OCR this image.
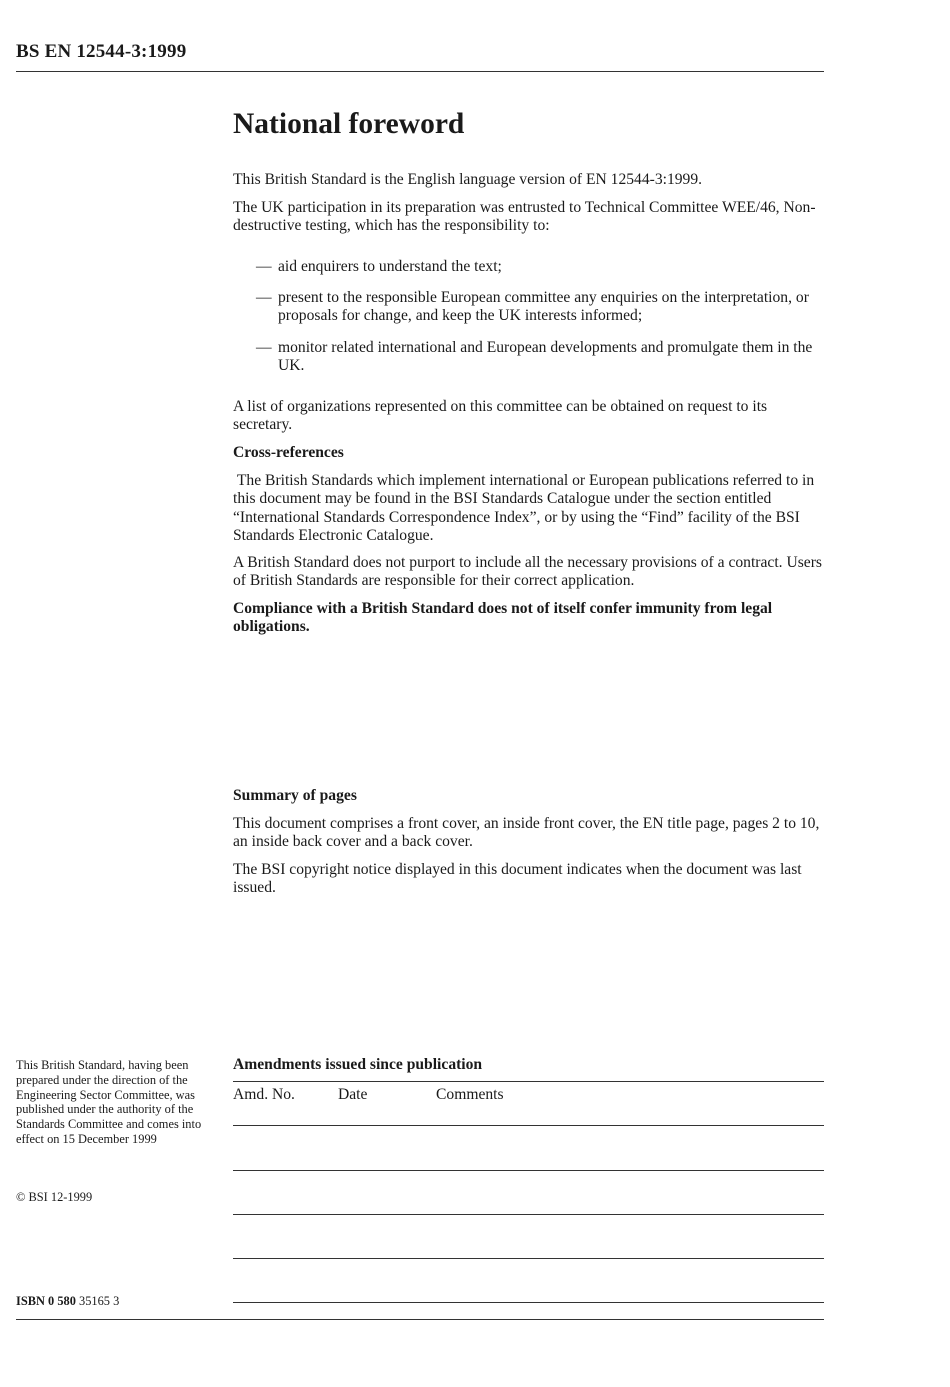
BS EN 12544-3:1999
National foreword
This British Standard is the English language version of EN 12544-3:1999.
The UK participation in its preparation was entrusted to Technical Committee WEE/46, Non-destructive testing, which has the responsibility to:
— aid enquirers to understand the text;
— present to the responsible European committee any enquiries on the interpretation, or proposals for change, and keep the UK interests informed;
— monitor related international and European developments and promulgate them in the UK.
A list of organizations represented on this committee can be obtained on request to its secretary.
Cross-references
The British Standards which implement international or European publications referred to in this document may be found in the BSI Standards Catalogue under the section entitled “International Standards Correspondence Index”, or by using the “Find” facility of the BSI Standards Electronic Catalogue.
A British Standard does not purport to include all the necessary provisions of a contract. Users of British Standards are responsible for their correct application.
Compliance with a British Standard does not of itself confer immunity from legal obligations.
Summary of pages
This document comprises a front cover, an inside front cover, the EN title page, pages 2 to 10, an inside back cover and a back cover.
The BSI copyright notice displayed in this document indicates when the document was last issued.
This British Standard, having been prepared under the direction of the Engineering Sector Committee, was published under the authority of the Standards Committee and comes into effect on 15 December 1999
© BSI 12-1999
ISBN 0 580 35165 3
Amendments issued since publication
Amd. No.	Date	Comments
